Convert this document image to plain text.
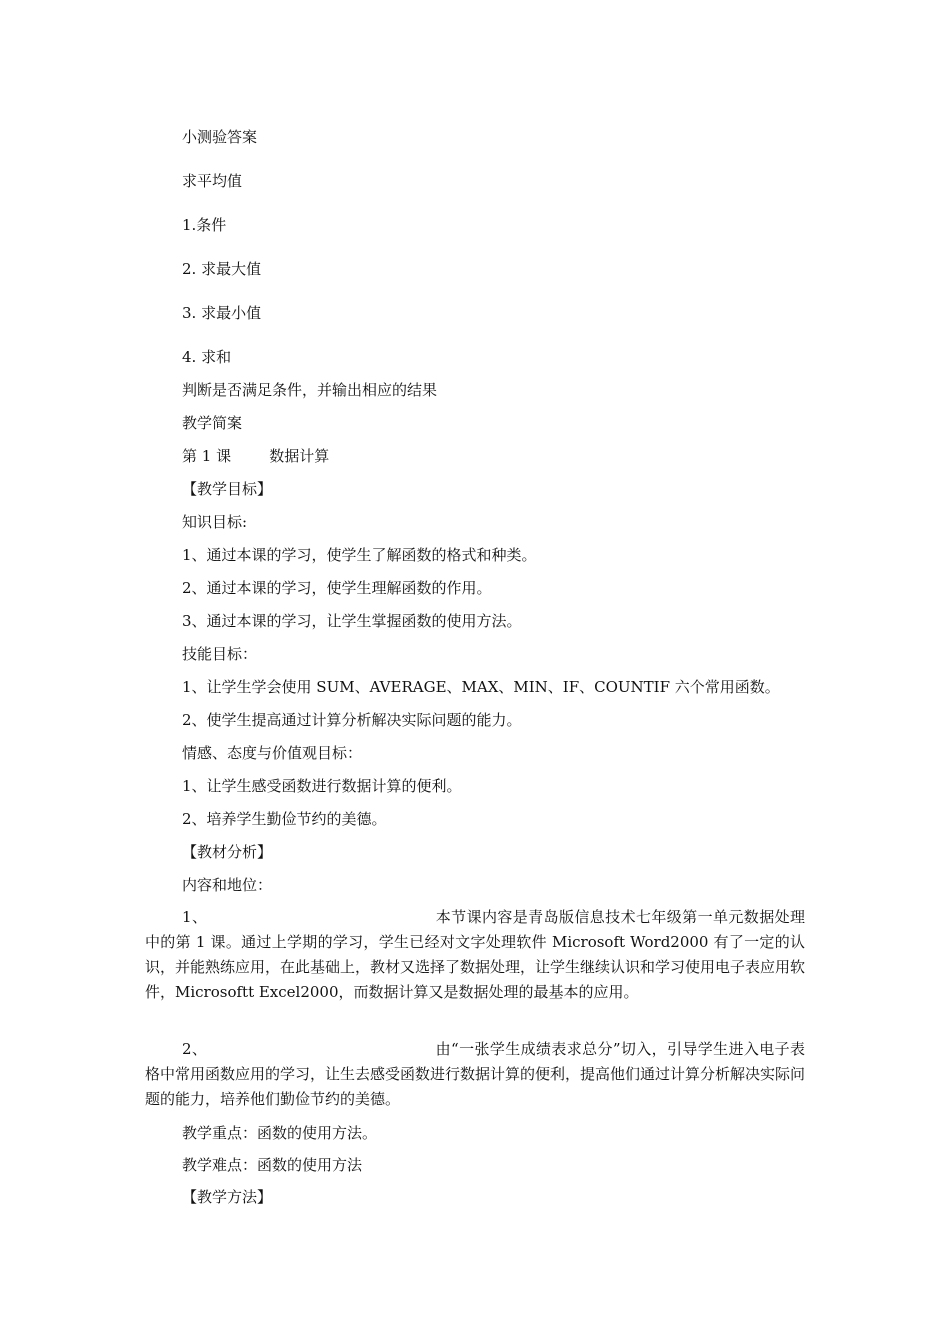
小测验答案
求平均值
1.条件
2. 求最大值
3. 求最小值
4. 求和
判断是否满足条件，并输出相应的结果
教学简案
第 1 课        数据计算
【教学目标】
知识目标:
1、通过本课的学习，使学生了解函数的格式和种类。
2、通过本课的学习，使学生理解函数的作用。
3、通过本课的学习，让学生掌握函数的使用方法。
技能目标：
1、让学生学会使用 SUM、AVERAGE、MAX、MIN、IF、COUNTIF 六个常用函数。
2、使学生提高通过计算分析解决实际问题的能力。
情感、态度与价值观目标：
1、让学生感受函数进行数据计算的便利。
2、培养学生勤俭节约的美德。
【教材分析】
内容和地位：
1、	本节课内容是青岛版信息技术七年级第一单元数据处理中的第 1 课。通过上学期的学习，学生已经对文字处理软件 Microsoft Word2000 有了一定的认识，并能熟练应用，在此基础上，教材又选择了数据处理，让学生继续认识和学习使用电子表应用软件，Microsoftt Excel2000，而数据计算又是数据处理的最基本的应用。
2、	由“一张学生成绩表求总分”切入，引导学生进入电子表格中常用函数应用的学习，让生去感受函数进行数据计算的便利，提高他们通过计算分析解决实际问题的能力，培养他们勤俭节约的美德。
教学重点：函数的使用方法。
教学难点：函数的使用方法
【教学方法】
